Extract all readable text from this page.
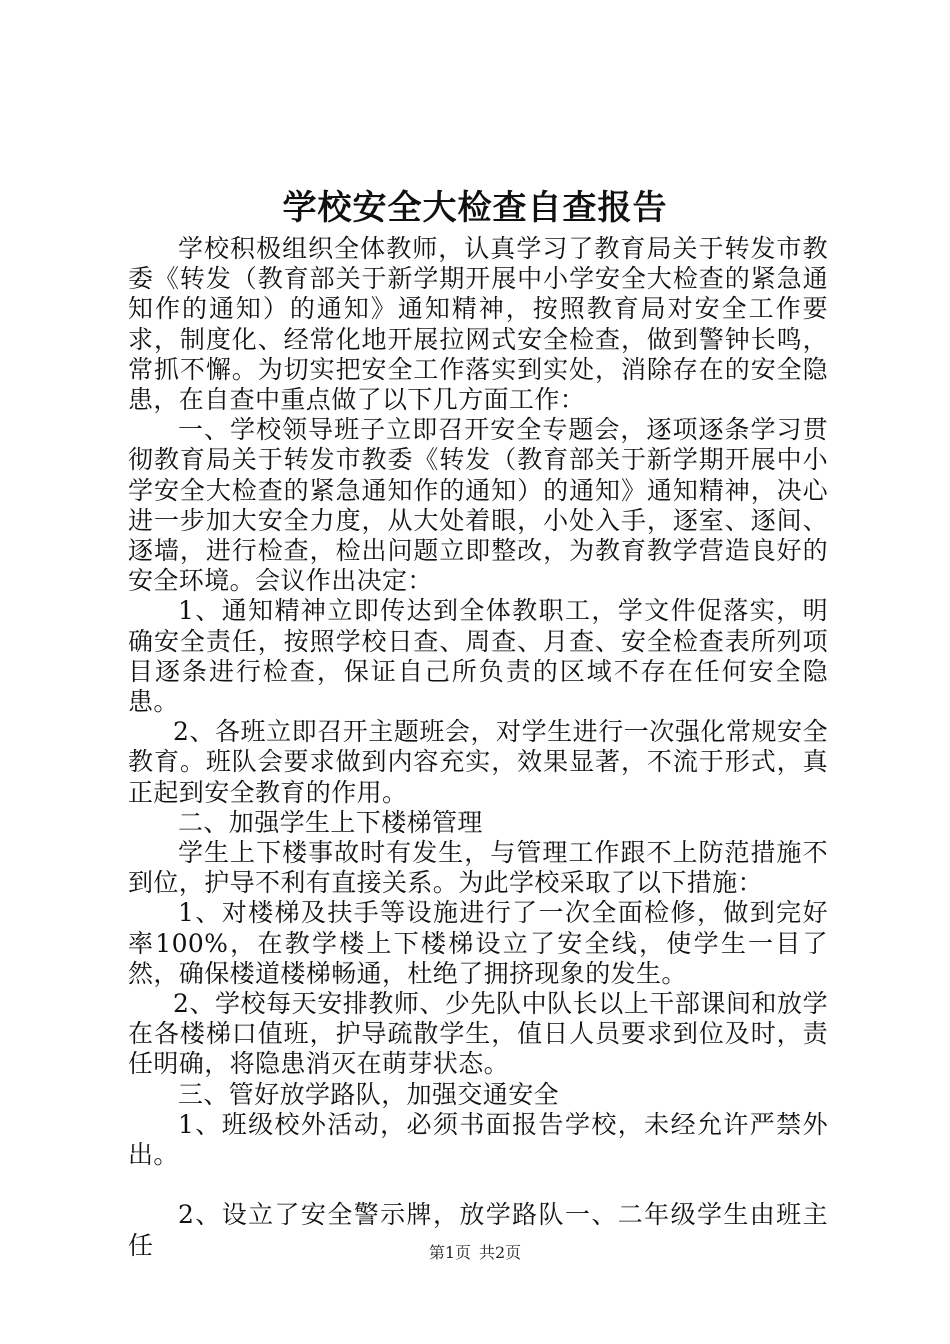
学校安全大检查自查报告

学校积极组织全体教师，认真学习了教育局关于转发市教委《转发（教育部关于新学期开展中小学安全大检查的紧急通知作的通知）的通知》通知精神，按照教育局对安全工作要求，制度化、经常化地开展拉网式安全检查，做到警钟长鸣，常抓不懈。为切实把安全工作落实到实处，消除存在的安全隐患，在自查中重点做了以下几方面工作：

一、学校领导班子立即召开安全专题会，逐项逐条学习贯彻教育局关于转发市教委《转发（教育部关于新学期开展中小学安全大检查的紧急通知作的通知）的通知》通知精神，决心进一步加大安全力度，从大处着眼，小处入手，逐室、逐间、逐墙，进行检查，检出问题立即整改，为教育教学营造良好的安全环境。会议作出决定：

1、通知精神立即传达到全体教职工，学文件促落实，明确安全责任，按照学校日查、周查、月查、安全检查表所列项目逐条进行检查，保证自己所负责的区域不存在任何安全隐患。

2、各班立即召开主题班会，对学生进行一次强化常规安全教育。班队会要求做到内容充实，效果显著，不流于形式，真正起到安全教育的作用。

二、加强学生上下楼梯管理

学生上下楼事故时有发生，与管理工作跟不上防范措施不到位，护导不利有直接关系。为此学校采取了以下措施：

1、对楼梯及扶手等设施进行了一次全面检修，做到完好率100%，在教学楼上下楼梯设立了安全线，使学生一目了然，确保楼道楼梯畅通，杜绝了拥挤现象的发生。

2、学校每天安排教师、少先队中队长以上干部课间和放学在各楼梯口值班，护导疏散学生，值日人员要求到位及时，责任明确，将隐患消灭在萌芽状态。

三、管好放学路队，加强交通安全

1、班级校外活动，必须书面报告学校，未经允许严禁外出。

2、设立了安全警示牌，放学路队一、二年级学生由班主任	第1页 共2页
